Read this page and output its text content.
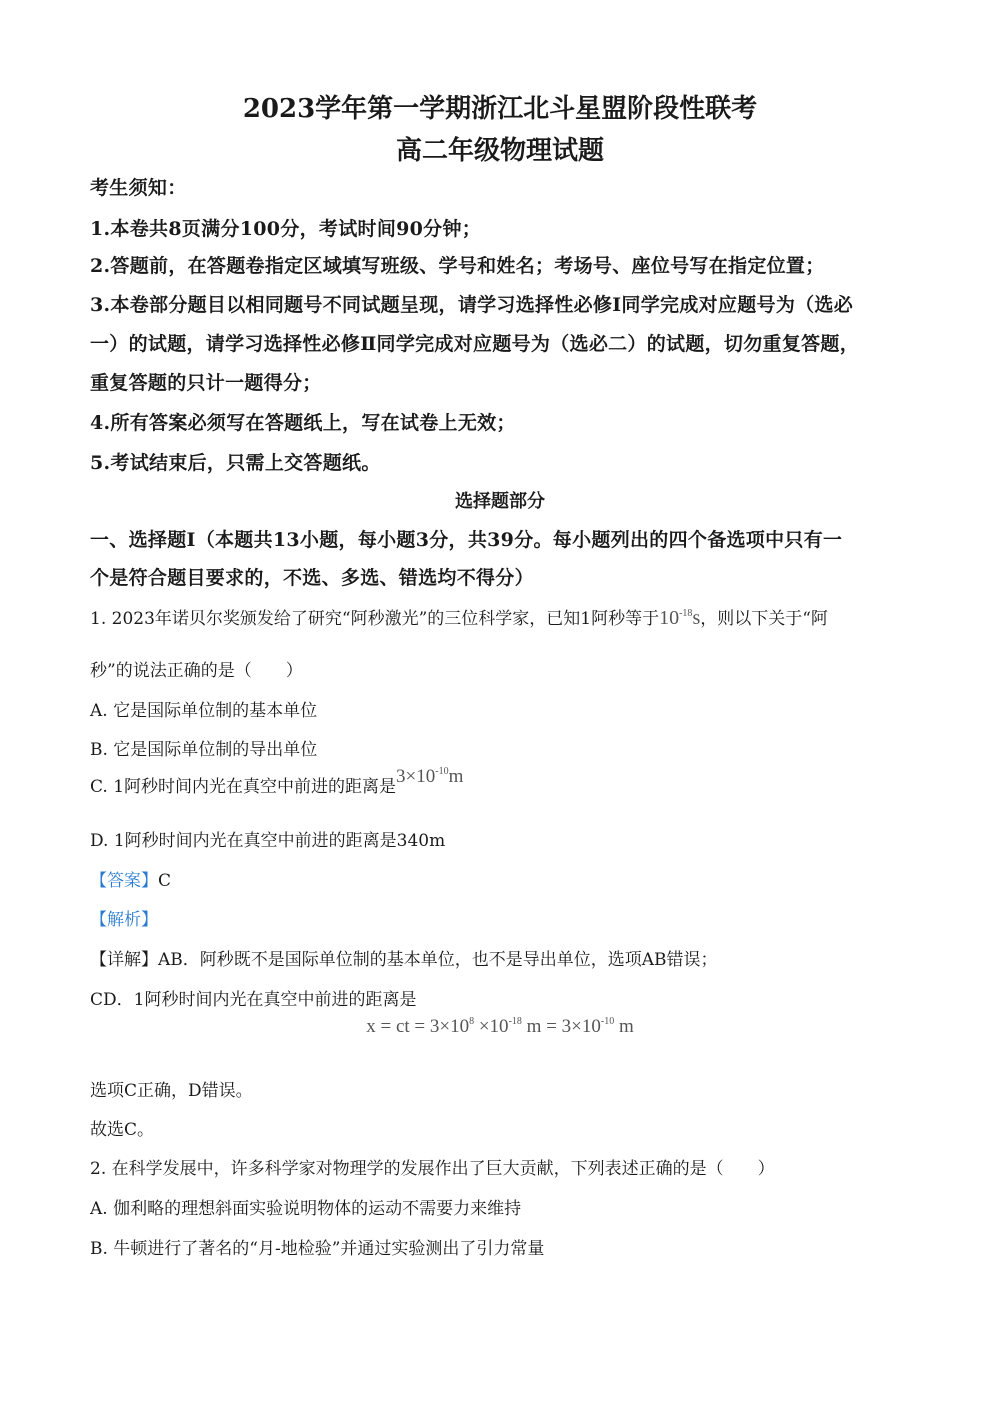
2023学年第一学期浙江北斗星盟阶段性联考
高二年级物理试题
考生须知：
1.本卷共8页满分100分，考试时间90分钟；
2.答题前，在答题卷指定区域填写班级、学号和姓名；考场号、座位号写在指定位置；
3.本卷部分题目以相同题号不同试题呈现，请学习选择性必修Ⅰ同学完成对应题号为（选必
一）的试题，请学习选择性必修Ⅱ同学完成对应题号为（选必二）的试题，切勿重复答题，
重复答题的只计一题得分；
4.所有答案必须写在答题纸上，写在试卷上无效；
5.考试结束后，只需上交答题纸。
选择题部分
一、选择题Ⅰ（本题共13小题，每小题3分，共39分。每小题列出的四个备选项中只有一
个是符合题目要求的，不选、多选、错选均不得分）
1. 2023年诺贝尔奖颁发给了研究“阿秒激光”的三位科学家，已知1阿秒等于$10^{-18}s$，则以下关于“阿
秒”的说法正确的是（　　）
A. 它是国际单位制的基本单位
B. 它是国际单位制的导出单位
C. 1阿秒时间内光在真空中前进的距离是$3\times 10^{-10}m$
D. 1阿秒时间内光在真空中前进的距离是340m
【答案】C
【解析】
【详解】AB．阿秒既不是国际单位制的基本单位，也不是导出单位，选项AB错误；
CD．1阿秒时间内光在真空中前进的距离是
x = ct = $3\times 10^8 \times 10^{-18}$ $m = 3\times 10^{-10}$ m
选项C正确，D错误。
故选C。
2. 在科学发展中，许多科学家对物理学的发展作出了巨大贡献，下列表述正确的是（　　）
A. 伽利略的理想斜面实验说明物体的运动不需要力来维持
B. 牛顿进行了著名的“月-地检验”并通过实验测出了引力常量
